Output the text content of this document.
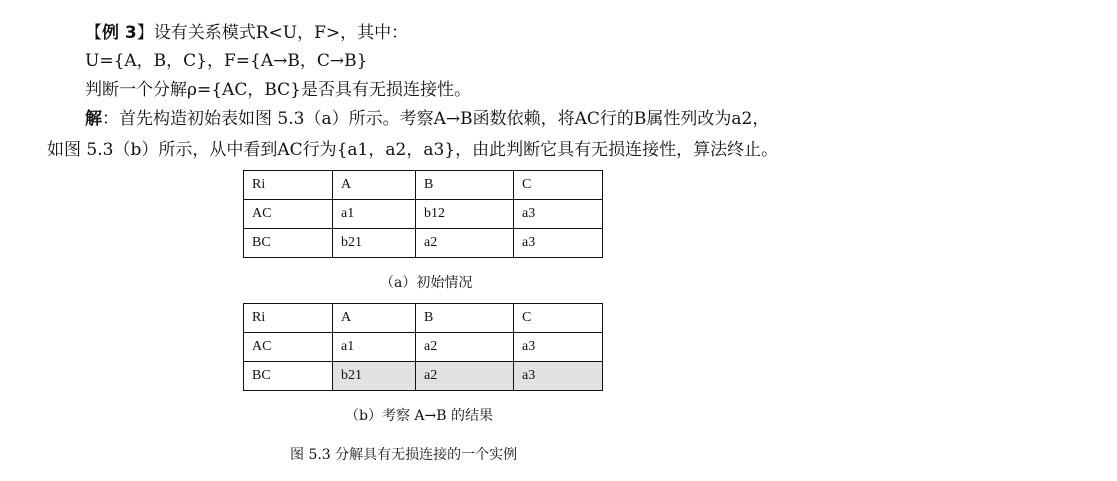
【例 3】设有关系模式R<U，F>，其中：
U={A，B，C}，F={A→B，C→B}
判断一个分解ρ={AC，BC}是否具有无损连接性。
解：首先构造初始表如图 5.3（a）所示。考察A→B函数依赖，将AC行的B属性列改为a2，
如图 5.3（b）所示，从中看到AC行为{a1，a2，a3}，由此判断它具有无损连接性，算法终止。
Ri	A	B	C
AC	a1	b12	a3
BC	b21	a2	a3
（a）初始情况
Ri	A	B	C
AC	a1	a2	a3
BC	b21	a2	a3
（b）考察 A→B 的结果
图 5.3 分解具有无损连接的一个实例
